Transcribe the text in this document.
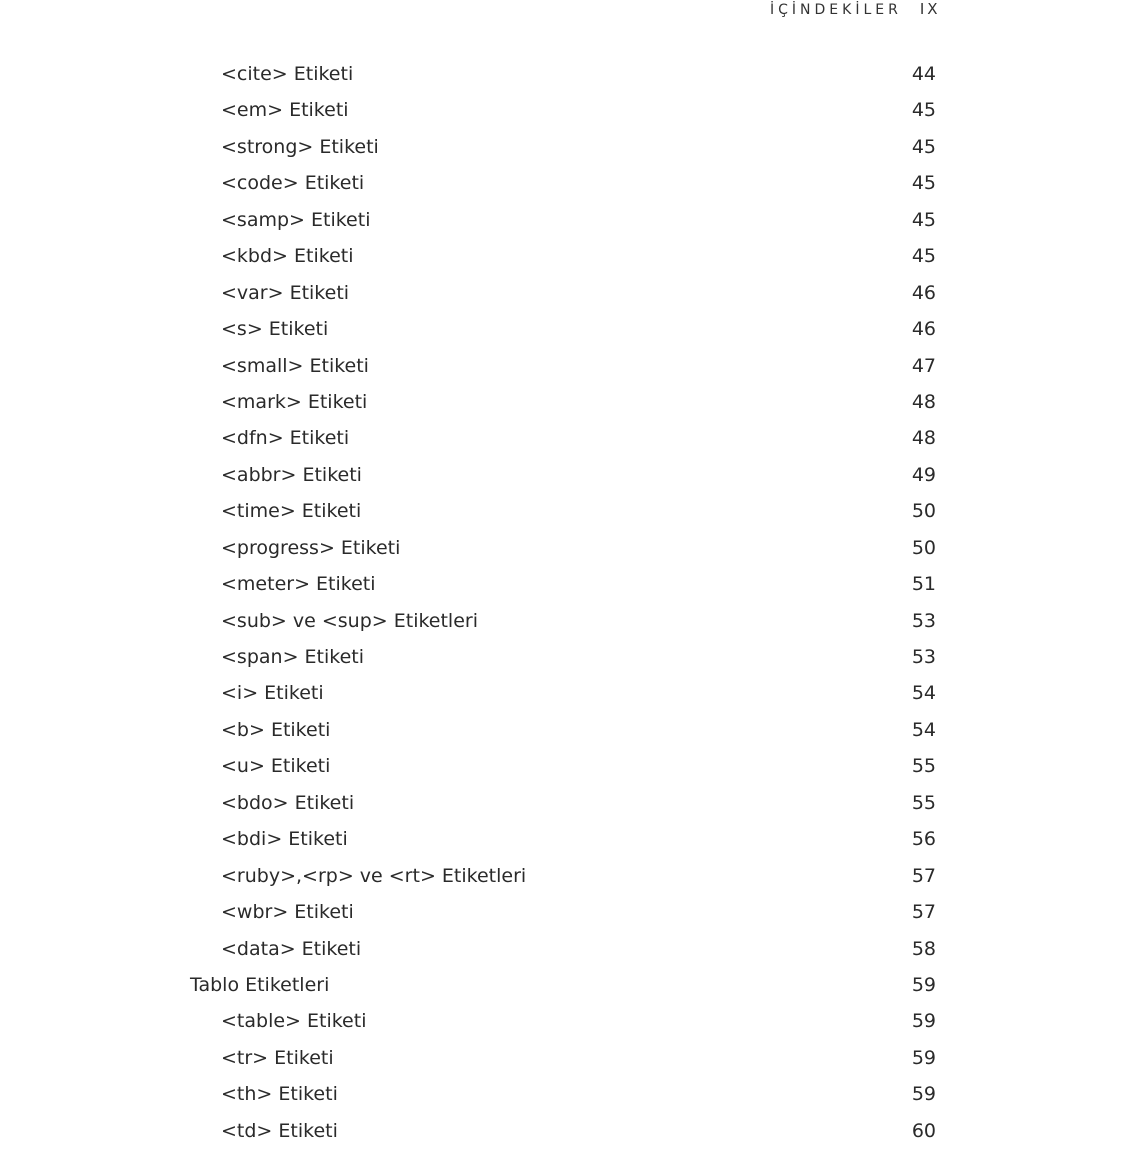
İÇİNDEKİLER IX
<cite> Etiketi	44
<em> Etiketi	45
<strong> Etiketi	45
<code> Etiketi	45
<samp> Etiketi	45
<kbd> Etiketi	45
<var> Etiketi	46
<s> Etiketi	46
<small> Etiketi	47
<mark> Etiketi	48
<dfn> Etiketi	48
<abbr> Etiketi	49
<time> Etiketi	50
<progress> Etiketi	50
<meter> Etiketi	51
<sub> ve <sup> Etiketleri	53
<span> Etiketi	53
<i> Etiketi	54
<b> Etiketi	54
<u> Etiketi	55
<bdo> Etiketi	55
<bdi> Etiketi	56
<ruby>,<rp> ve <rt> Etiketleri	57
<wbr> Etiketi	57
<data> Etiketi	58
Tablo Etiketleri	59
<table> Etiketi	59
<tr> Etiketi	59
<th> Etiketi	59
<td> Etiketi	60
